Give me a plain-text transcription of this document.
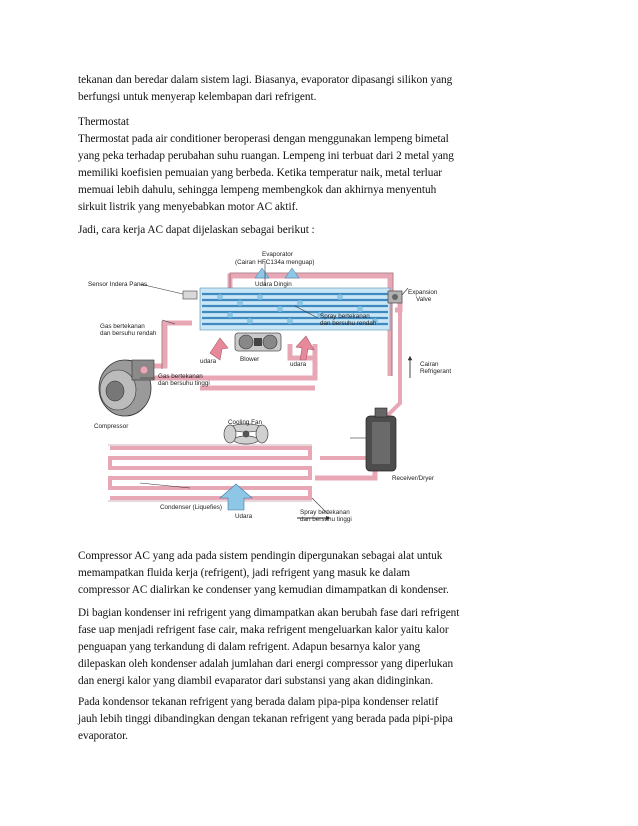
tekanan dan beredar dalam sistem lagi. Biasanya, evaporator dipasangi silikon yang
berfungsi untuk menyerap kelembapan dari refrigent.

Thermostat
Thermostat pada air conditioner beroperasi dengan menggunakan lempeng bimetal
yang peka terhadap perubahan suhu ruangan. Lempeng ini terbuat dari 2 metal yang
memiliki koefisien pemuaian yang berbeda. Ketika temperatur naik, metal terluar
memuai lebih dahulu, sehingga lempeng membengkok dan akhirnya menyentuh
sirkuit listrik yang menyebabkan motor AC aktif.

Jadi, cara kerja AC dapat dijelaskan sebagai berikut :

Evaporator
(Cairan HFC134a menguap)
Udara Dingin
Sensor Indera Panas
Spray bertekanan
dan bersuhu rendah
Expansion
Valve
Gas bertekanan
dan bersuhu rendah
udara	Blower
udara	Cairan
Refrigerant
Gas bertekanan
dan bersuhu tinggi
Compressor
Cooling Fan
Receiver/Dryer
Condenser (Liquefies)
Udara
Spray bertekanan
dan bersuhu tinggi

Compressor AC yang ada pada sistem pendingin dipergunakan sebagai alat untuk
memampatkan fluida kerja (refrigent), jadi refrigent yang masuk ke dalam
compressor AC dialirkan ke condenser yang kemudian dimampatkan di kondenser.

Di bagian kondenser ini refrigent yang dimampatkan akan berubah fase dari refrigent
fase uap menjadi refrigent fase cair, maka refrigent mengeluarkan kalor yaitu kalor
penguapan yang terkandung di dalam refrigent. Adapun besarnya kalor yang
dilepaskan oleh kondenser adalah jumlahan dari energi compressor yang diperlukan
dan energi kalor yang diambil evaparator dari substansi yang akan didinginkan.

Pada kondensor tekanan refrigent yang berada dalam pipa-pipa kondenser relatif
jauh lebih tinggi dibandingkan dengan tekanan refrigent yang berada pada pipi-pipa
evaporator.
